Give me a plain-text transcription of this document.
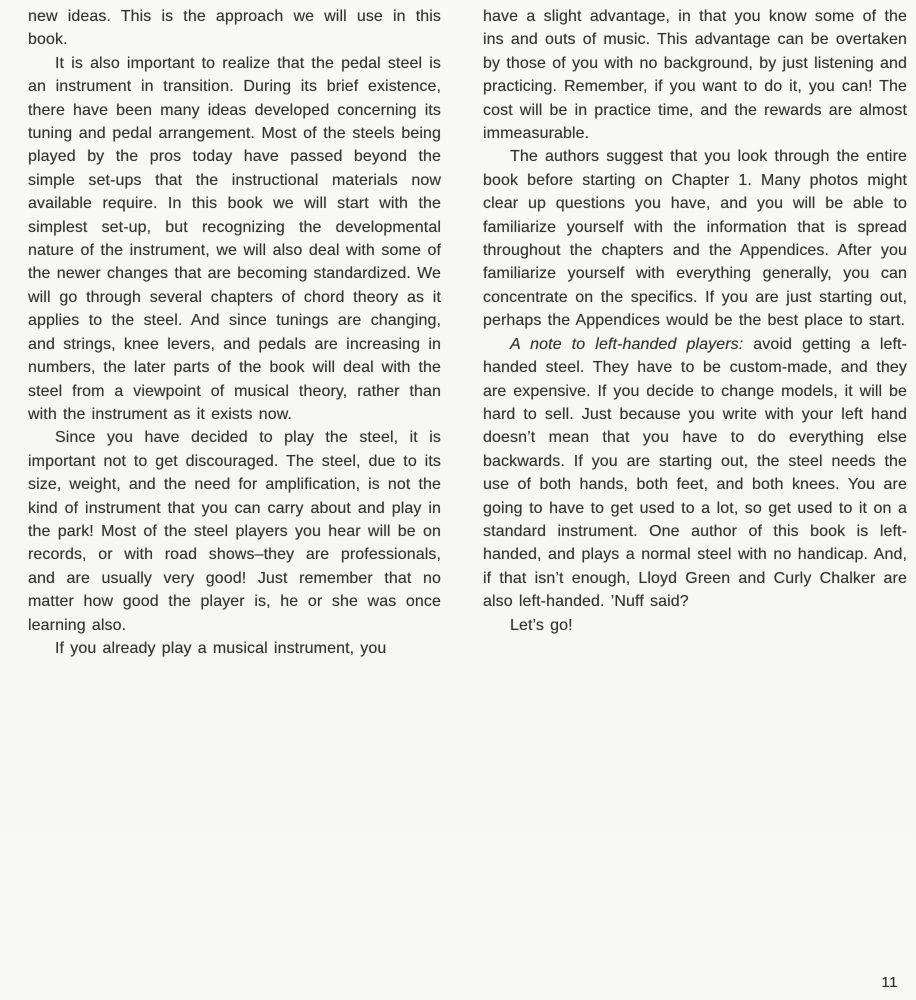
new ideas. This is the approach we will use in this book.

It is also important to realize that the pedal steel is an instrument in transition. During its brief existence, there have been many ideas developed concerning its tuning and pedal arrangement. Most of the steels being played by the pros today have passed beyond the simple set-ups that the instructional materials now available require. In this book we will start with the simplest set-up, but recognizing the developmental nature of the instrument, we will also deal with some of the newer changes that are becoming standardized. We will go through several chapters of chord theory as it applies to the steel. And since tunings are changing, and strings, knee levers, and pedals are increasing in numbers, the later parts of the book will deal with the steel from a viewpoint of musical theory, rather than with the instrument as it exists now.

Since you have decided to play the steel, it is important not to get discouraged. The steel, due to its size, weight, and the need for amplification, is not the kind of instrument that you can carry about and play in the park! Most of the steel players you hear will be on records, or with road shows–they are professionals, and are usually very good! Just remember that no matter how good the player is, he or she was once learning also.

If you already play a musical instrument, you

have a slight advantage, in that you know some of the ins and outs of music. This advantage can be overtaken by those of you with no background, by just listening and practicing. Remember, if you want to do it, you can! The cost will be in practice time, and the rewards are almost immeasurable.

The authors suggest that you look through the entire book before starting on Chapter 1. Many photos might clear up questions you have, and you will be able to familiarize yourself with the information that is spread throughout the chapters and the Appendices. After you familiarize yourself with everything generally, you can concentrate on the specifics. If you are just starting out, perhaps the Appendices would be the best place to start.

A note to left-handed players: avoid getting a left-handed steel. They have to be custom-made, and they are expensive. If you decide to change models, it will be hard to sell. Just because you write with your left hand doesn’t mean that you have to do everything else backwards. If you are starting out, the steel needs the use of both hands, both feet, and both knees. You are going to have to get used to a lot, so get used to it on a standard instrument. One author of this book is left-handed, and plays a normal steel with no handicap. And, if that isn’t enough, Lloyd Green and Curly Chalker are also left-handed. ’Nuff said?

Let’s go!

11
